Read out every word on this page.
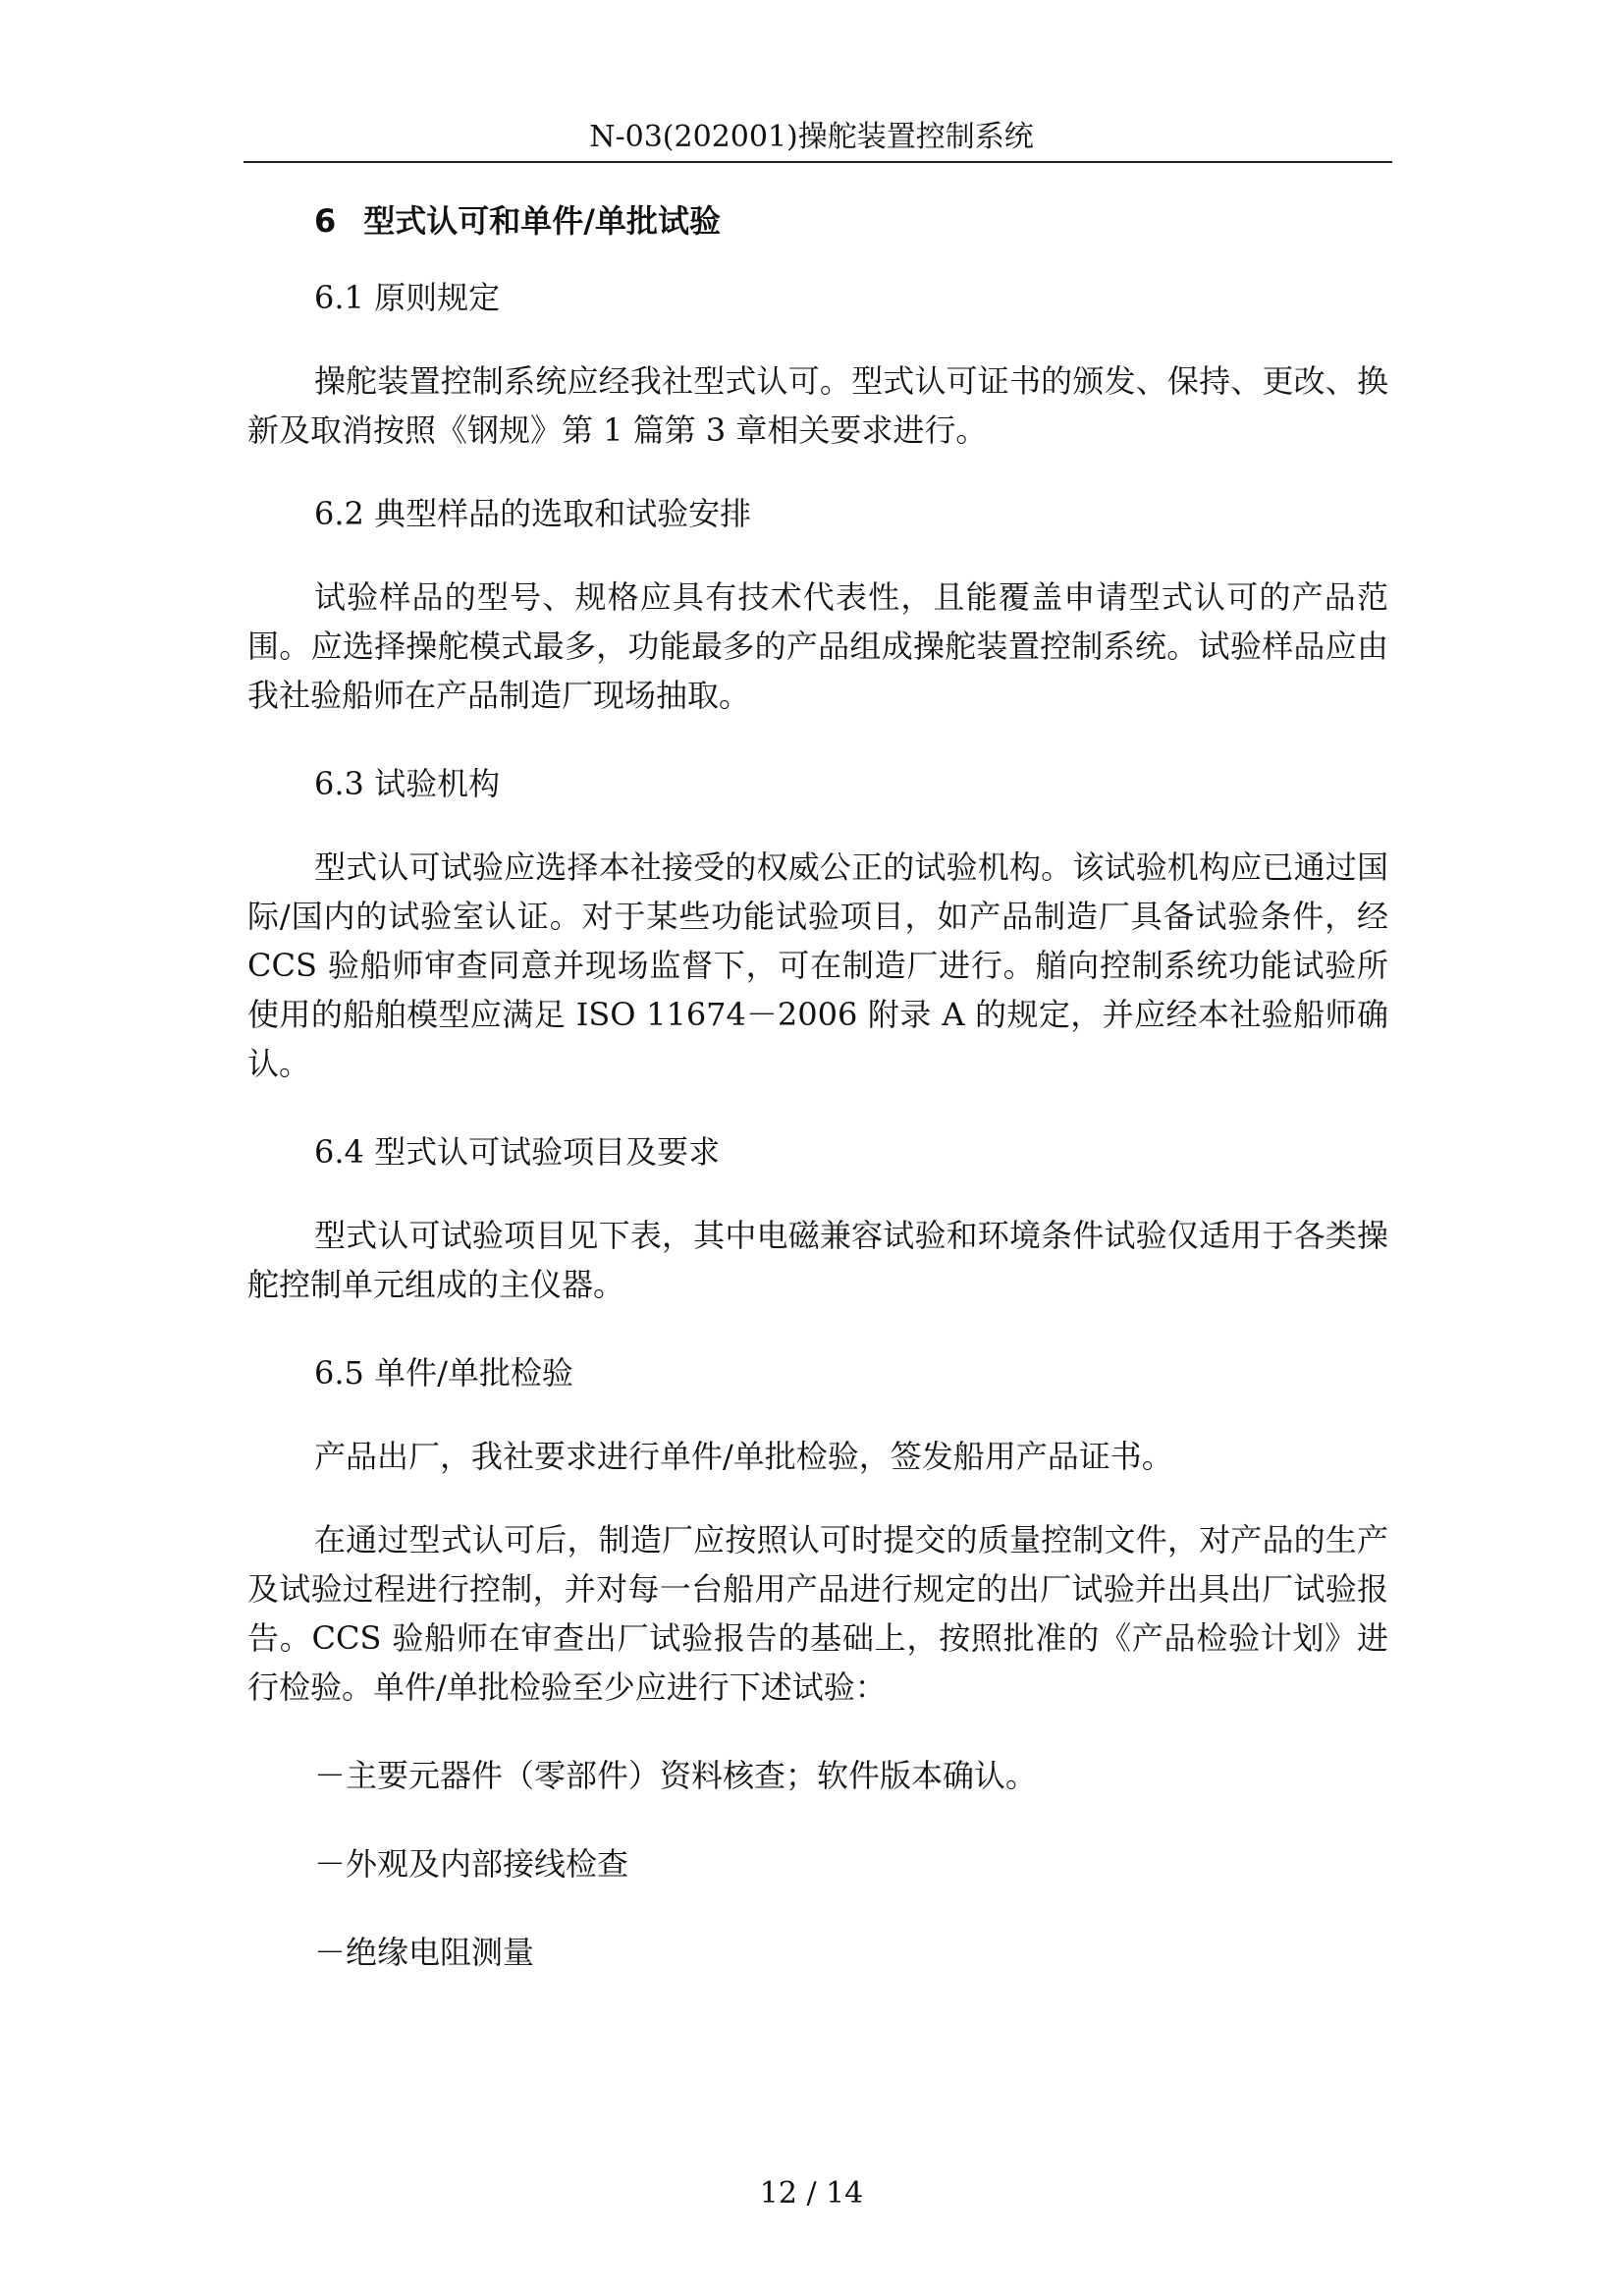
N-03(202001)操舵装置控制系统
6 型式认可和单件/单批试验

6.1 原则规定

操舵装置控制系统应经我社型式认可。型式认可证书的颁发、保持、更改、换新及取消按照《钢规》第 1 篇第 3 章相关要求进行。

6.2 典型样品的选取和试验安排

试验样品的型号、规格应具有技术代表性，且能覆盖申请型式认可的产品范围。应选择操舵模式最多，功能最多的产品组成操舵装置控制系统。试验样品应由我社验船师在产品制造厂现场抽取。

6.3 试验机构

型式认可试验应选择本社接受的权威公正的试验机构。该试验机构应已通过国际/国内的试验室认证。对于某些功能试验项目，如产品制造厂具备试验条件，经 CCS 验船师审查同意并现场监督下，可在制造厂进行。艏向控制系统功能试验所使用的船舶模型应满足 ISO 11674－2006 附录 A 的规定，并应经本社验船师确认。

6.4 型式认可试验项目及要求

型式认可试验项目见下表，其中电磁兼容试验和环境条件试验仅适用于各类操舵控制单元组成的主仪器。

6.5 单件/单批检验

产品出厂，我社要求进行单件/单批检验，签发船用产品证书。

在通过型式认可后，制造厂应按照认可时提交的质量控制文件，对产品的生产及试验过程进行控制，并对每一台船用产品进行规定的出厂试验并出具出厂试验报告。CCS 验船师在审查出厂试验报告的基础上，按照批准的《产品检验计划》进行检验。单件/单批检验至少应进行下述试验：

－主要元器件（零部件）资料核查；软件版本确认。

－外观及内部接线检查

－绝缘电阻测量

12 / 14
